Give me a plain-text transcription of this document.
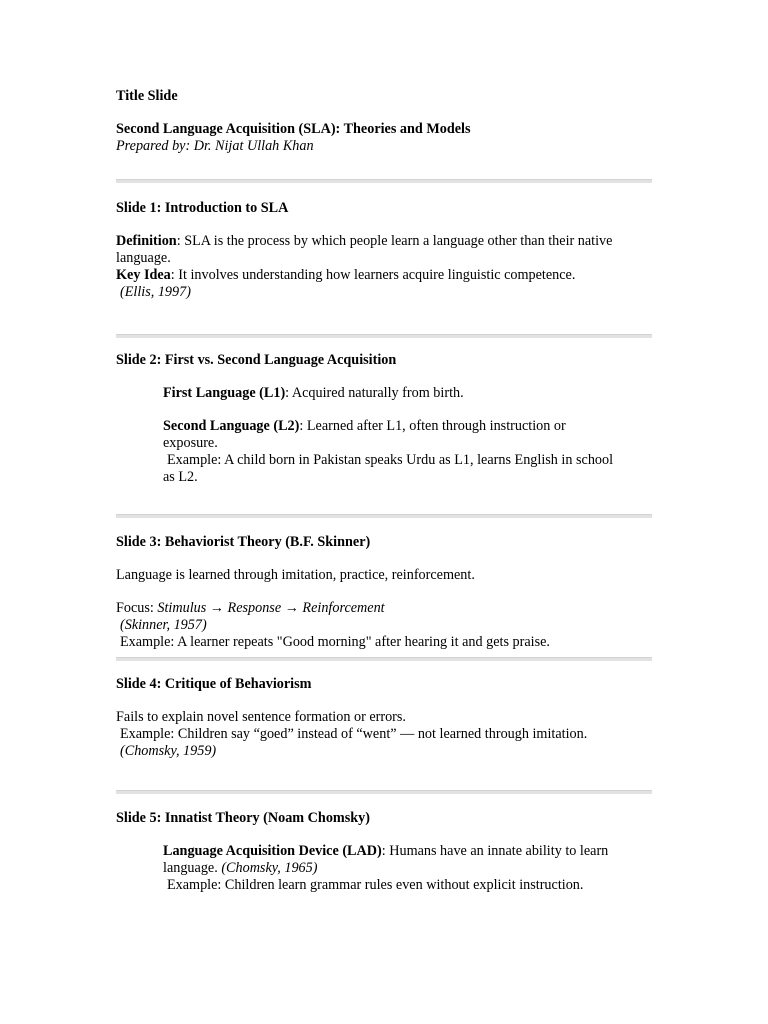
Title Slide
Second Language Acquisition (SLA): Theories and Models
Prepared by: Dr. Nijat Ullah Khan
Slide 1: Introduction to SLA
Definition: SLA is the process by which people learn a language other than their native language.
Key Idea: It involves understanding how learners acquire linguistic competence.
(Ellis, 1997)
Slide 2: First vs. Second Language Acquisition
First Language (L1): Acquired naturally from birth.
Second Language (L2): Learned after L1, often through instruction or exposure.
Example: A child born in Pakistan speaks Urdu as L1, learns English in school as L2.
Slide 3: Behaviorist Theory (B.F. Skinner)
Language is learned through imitation, practice, reinforcement.
Focus: Stimulus → Response → Reinforcement
(Skinner, 1957)
Example: A learner repeats "Good morning" after hearing it and gets praise.
Slide 4: Critique of Behaviorism
Fails to explain novel sentence formation or errors.
Example: Children say “goed” instead of “went” — not learned through imitation.
(Chomsky, 1959)
Slide 5: Innatist Theory (Noam Chomsky)
Language Acquisition Device (LAD): Humans have an innate ability to learn language. (Chomsky, 1965)
Example: Children learn grammar rules even without explicit instruction.
